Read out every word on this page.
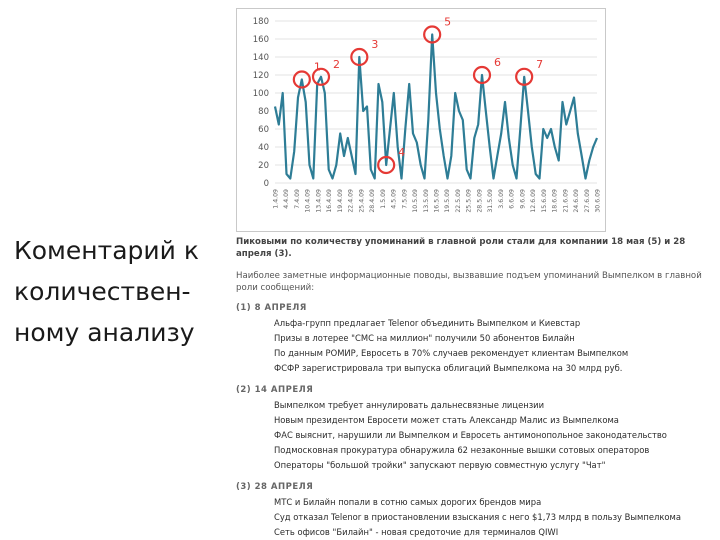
Коментарий к
количествен-
ному анализу
0
20
40
60
80
100
120
140
160
180
1.4.09 4.4.09 7.4.09 10.4.09 13.4.09 16.4.09 19.4.09 22.4.09 25.4.09 28.4.09 1.5.09 4.5.09 7.5.09 10.5.09 13.5.09 16.5.09 19.5.09 22.5.09 25.5.09 28.5.09 31.5.09 3.6.09 6.6.09 9.6.09 12.6.09 15.6.09 18.6.09 21.6.09 24.6.09 27.6.09 30.6.09
1 2
3
4
5
6	7

Пиковыми по количеству упоминаний в главной роли стали для компании 18 мая (5) и 28 апреля (3).

Наиболее заметные информационные поводы, вызвавшие подъем упоминаний Вымпелком в главной роли сообщений:

(1) 8 АПРЕЛЯ
Альфа-групп предлагает Telenor объединить Вымпелком и Киевстар
Призы в лотерее "СМС на миллион" получили 50 абонентов Билайн
По данным РОМИР, Евросеть в 70% случаев рекомендует клиентам Вымпелком
ФСФР зарегистрировала три выпуска облигаций Вымпелкома на 30 млрд руб.
(2) 14 АПРЕЛЯ
Вымпелком требует аннулировать дальнесвязные лицензии
Новым президентом Евросети может стать Александр Малис из Вымпелкома
ФАС выяснит, нарушили ли Вымпелком и Евросеть антимонопольное законодательство
Подмосковная прокуратура обнаружила 62 незаконные вышки сотовых операторов
Операторы "большой тройки" запускают первую совместную услугу "Чат"
(3) 28 АПРЕЛЯ
МТС и Билайн попали в сотню самых дорогих брендов мира
Суд отказал Telenor в приостановлении взыскания с него $1,73 млрд в пользу Вымпелкома
Сеть офисов "Билайн" - новая средоточие для терминалов QIWI
